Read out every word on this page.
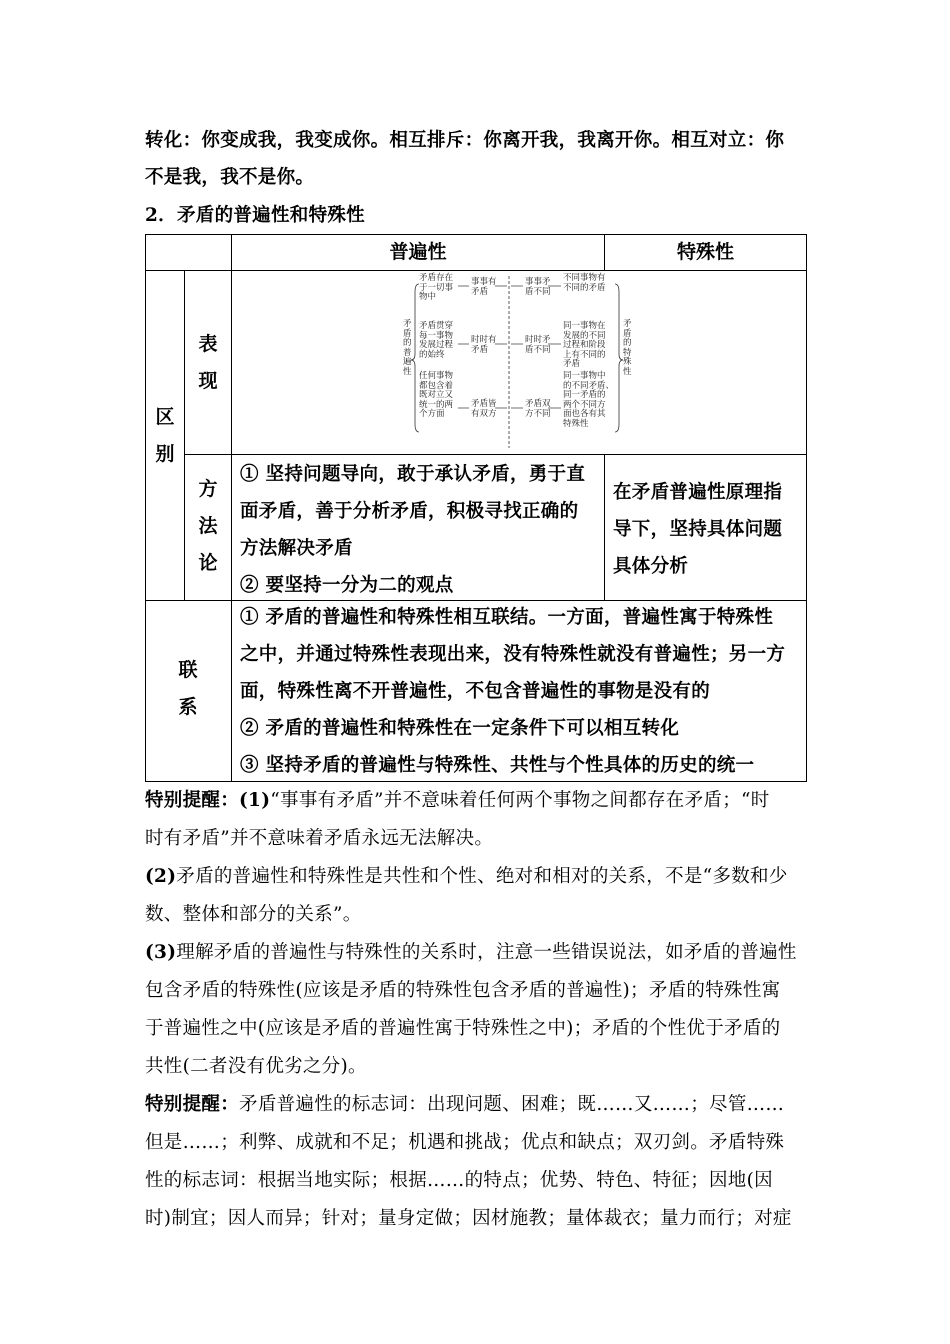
转化：你变成我，我变成你。相互排斥：你离开我，我离开你。相互对立：你

不是我，我不是你。

2．矛盾的普遍性和特殊性

普遍性	特殊性
区别
表现
方法论
联系
矛盾的普遍性
矛盾的特殊性
矛盾存在
于一切事
物中
事事有
矛盾
事事矛
盾不同
不同事物有
不同的矛盾
矛盾贯穿
每一事物
发展过程
的始终
时时有
矛盾
时时矛
盾不同
同一事物在
发展的不同
过程和阶段
上有不同的
矛盾
任何事物
都包含着
既对立又
统一的两
个方面
矛盾皆
有双方
矛盾双
方不同
同一事物中
的不同矛盾、
同一矛盾的
两个不同方
面也各有其
特殊性
① 坚持问题导向，敢于承认矛盾，勇于直
面矛盾，善于分析矛盾，积极寻找正确的
方法解决矛盾
② 要坚持一分为二的观点
在矛盾普遍性原理指
导下，坚持具体问题
具体分析
① 矛盾的普遍性和特殊性相互联结。一方面，普遍性寓于特殊性
之中，并通过特殊性表现出来，没有特殊性就没有普遍性；另一方
面，特殊性离不开普遍性，不包含普遍性的事物是没有的
② 矛盾的普遍性和特殊性在一定条件下可以相互转化
③ 坚持矛盾的普遍性与特殊性、共性与个性具体的历史的统一
特别提醒：(1)“事事有矛盾”并不意味着任何两个事物之间都存在矛盾；“时
时有矛盾”并不意味着矛盾永远无法解决。
(2)矛盾的普遍性和特殊性是共性和个性、绝对和相对的关系，不是“多数和少
数、整体和部分的关系”。
(3)理解矛盾的普遍性与特殊性的关系时，注意一些错误说法，如矛盾的普遍性
包含矛盾的特殊性(应该是矛盾的特殊性包含矛盾的普遍性)；矛盾的特殊性寓
于普遍性之中(应该是矛盾的普遍性寓于特殊性之中)；矛盾的个性优于矛盾的
共性(二者没有优劣之分)。
特别提醒：矛盾普遍性的标志词：出现问题、困难；既……又……；尽管……
但是……；利弊、成就和不足；机遇和挑战；优点和缺点；双刃剑。矛盾特殊
性的标志词：根据当地实际；根据……的特点；优势、特色、特征；因地(因
时)制宜；因人而异；针对；量身定做；因材施教；量体裁衣；量力而行；对症
